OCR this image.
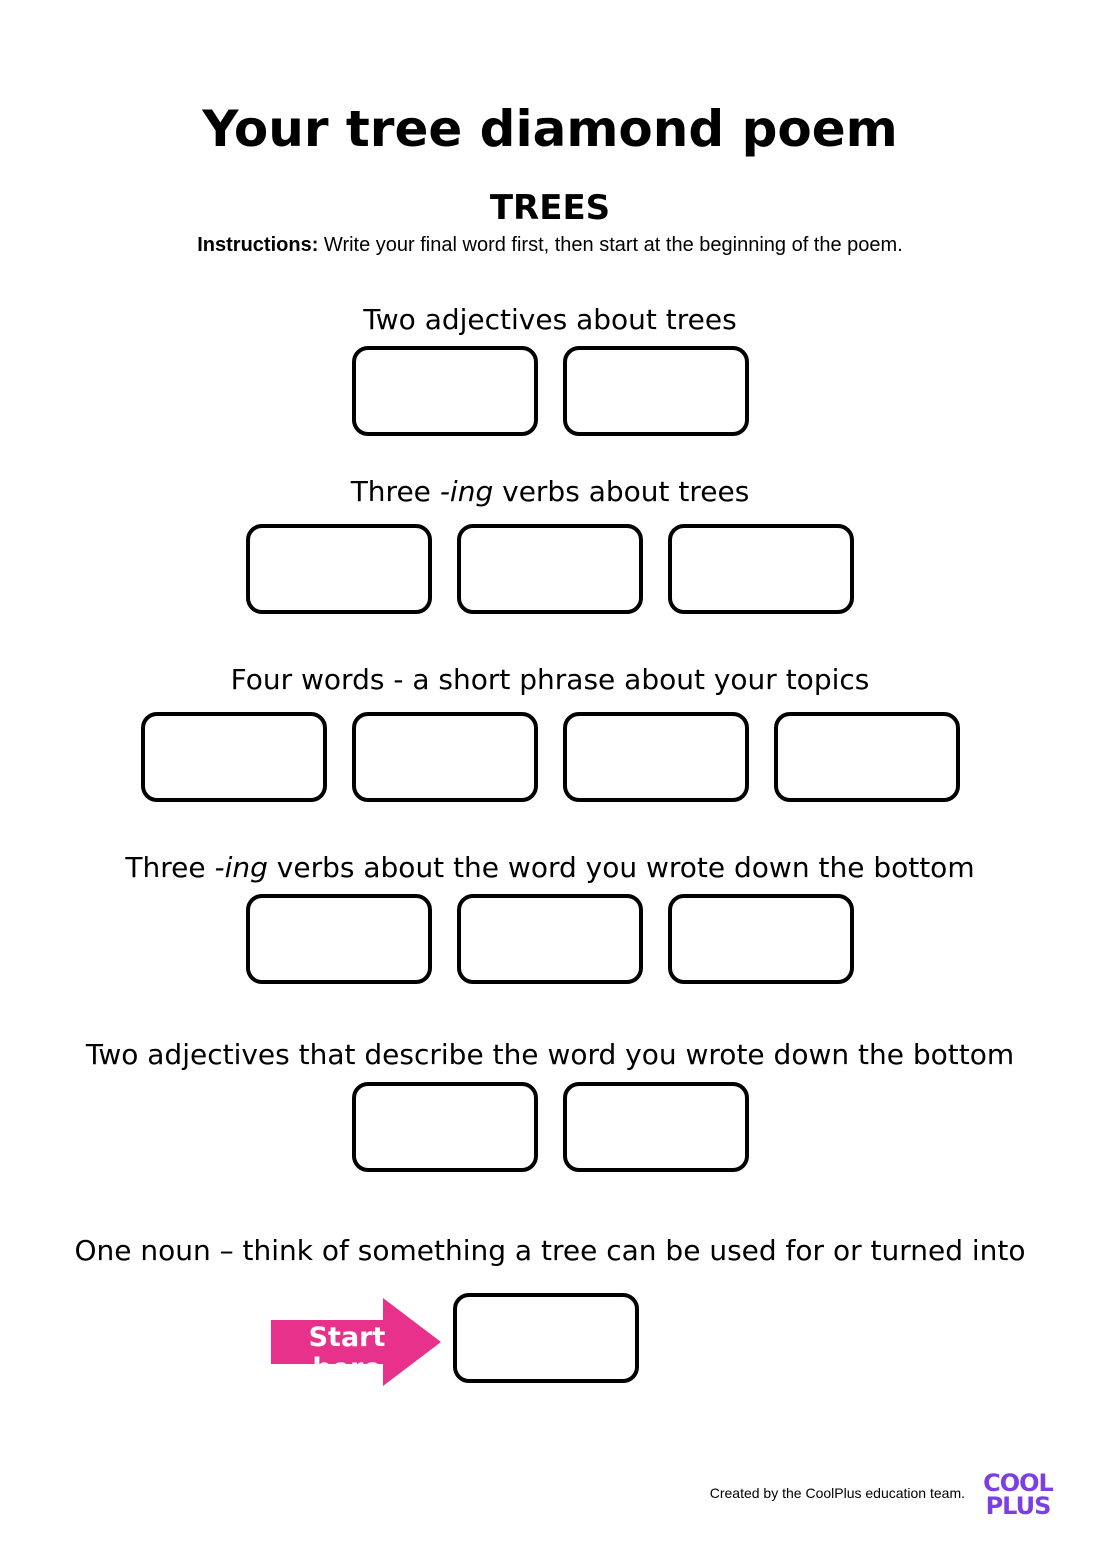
Your tree diamond poem
TREES
Instructions: Write your final word first, then start at the beginning of the poem.
Two adjectives about trees
Three -ing verbs about trees
Four words - a short phrase about your topics
Three -ing verbs about the word you wrote down the bottom
Two adjectives that describe the word you wrote down the bottom
One noun – think of something a tree can be used for or turned into
Start here
Created by the CoolPlus education team. COOL
PLUS
